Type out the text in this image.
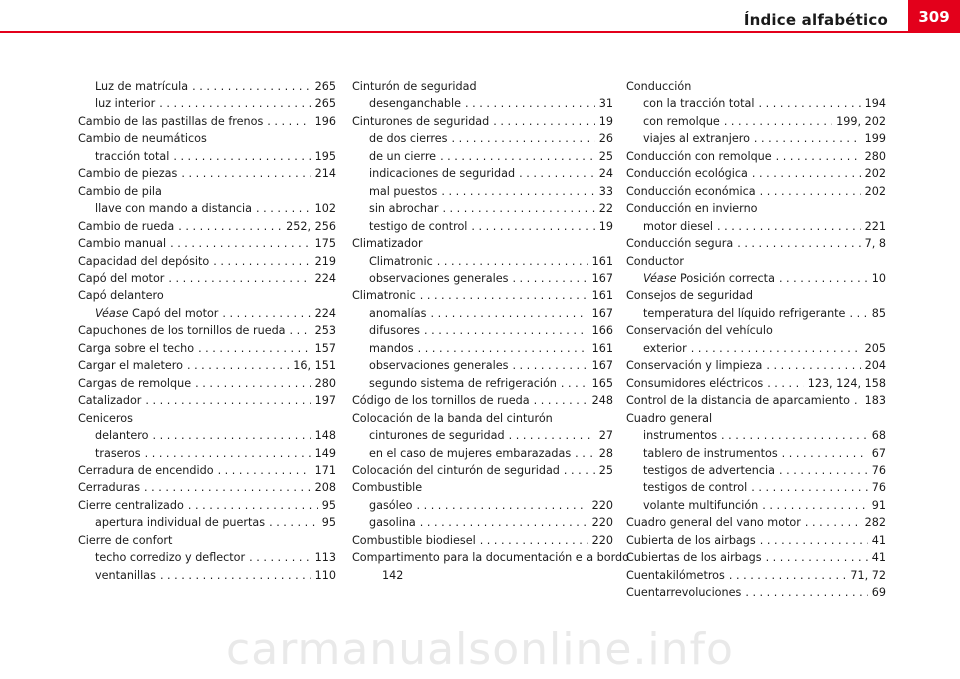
Índice alfabético	309
Luz de matrícula . . .	265
luz interior . . .	265
Cambio de las pastillas de frenos . . .	196
Cambio de neumáticos
tracción total . . .	195
Cambio de piezas . . .	214
Cambio de pila
llave con mando a distancia . . .	102
Cambio de rueda . . .	252, 256
Cambio manual . . .	175
Capacidad del depósito . . .	219
Capó del motor . . .	224
Capó delantero
Véase Capó del motor . . .	224
Capuchones de los tornillos de rueda . . .	253
Carga sobre el techo . . .	157
Cargar el maletero . . .	16, 151
Cargas de remolque . . .	280
Catalizador . . .	197
Ceniceros
delantero . . .	148
traseros . . .	149
Cerradura de encendido . . .	171
Cerraduras . . .	208
Cierre centralizado . . .	95
apertura individual de puertas . . .	95
Cierre de confort
techo corredizo y deflector . . .	113
ventanillas . . .	110
Cinturón de seguridad
desenganchable . . .	31
Cinturones de seguridad . . .	19
de dos cierres . . .	26
de un cierre . . .	25
indicaciones de seguridad . . .	24
mal puestos . . .	33
sin abrochar . . .	22
testigo de control . . .	19
Climatizador
Climatronic . . .	161
observaciones generales . . .	167
Climatronic . . .	161
anomalías . . .	167
difusores . . .	166
mandos . . .	161
observaciones generales . . .	167
segundo sistema de refrigeración . . .	165
Código de los tornillos de rueda . . .	248
Colocación de la banda del cinturón
cinturones de seguridad . . .	27
en el caso de mujeres embarazadas . . . 28
Colocación del cinturón de seguridad . . .	25
Combustible
gasóleo . . .	220
gasolina . . .	220
Combustible biodiesel . . .	220
Compartimento para la documentación e a bordo
142
Conducción
con la tracción total . . .	194
con remolque . . .	199, 202
viajes al extranjero . . .	199
Conducción con remolque . . .	280
Conducción ecológica . . .	202
Conducción económica . . .	202
Conducción en invierno
motor diesel . . .	221
Conducción segura . . .	7, 8
Conductor
Véase Posición correcta . . .	10
Consejos de seguridad
temperatura del líquido refrigerante . . . 85
Conservación del vehículo
exterior . . .	205
Conservación y limpieza . . .	204
Consumidores eléctricos . . .	123, 124, 158
Control de la distancia de aparcamiento . . . 183
Cuadro general
instrumentos . . .	68
tablero de instrumentos . . .	67
testigos de advertencia . . .	76
testigos de control . . .	76
volante multifunción . . .	91
Cuadro general del vano motor . . .	282
Cubierta de los airbags . . .	41
Cubiertas de los airbags . . .	41
Cuentakilómetros . . .	71, 72
Cuentarrevoluciones . . .	69
carmanualsonline.info
